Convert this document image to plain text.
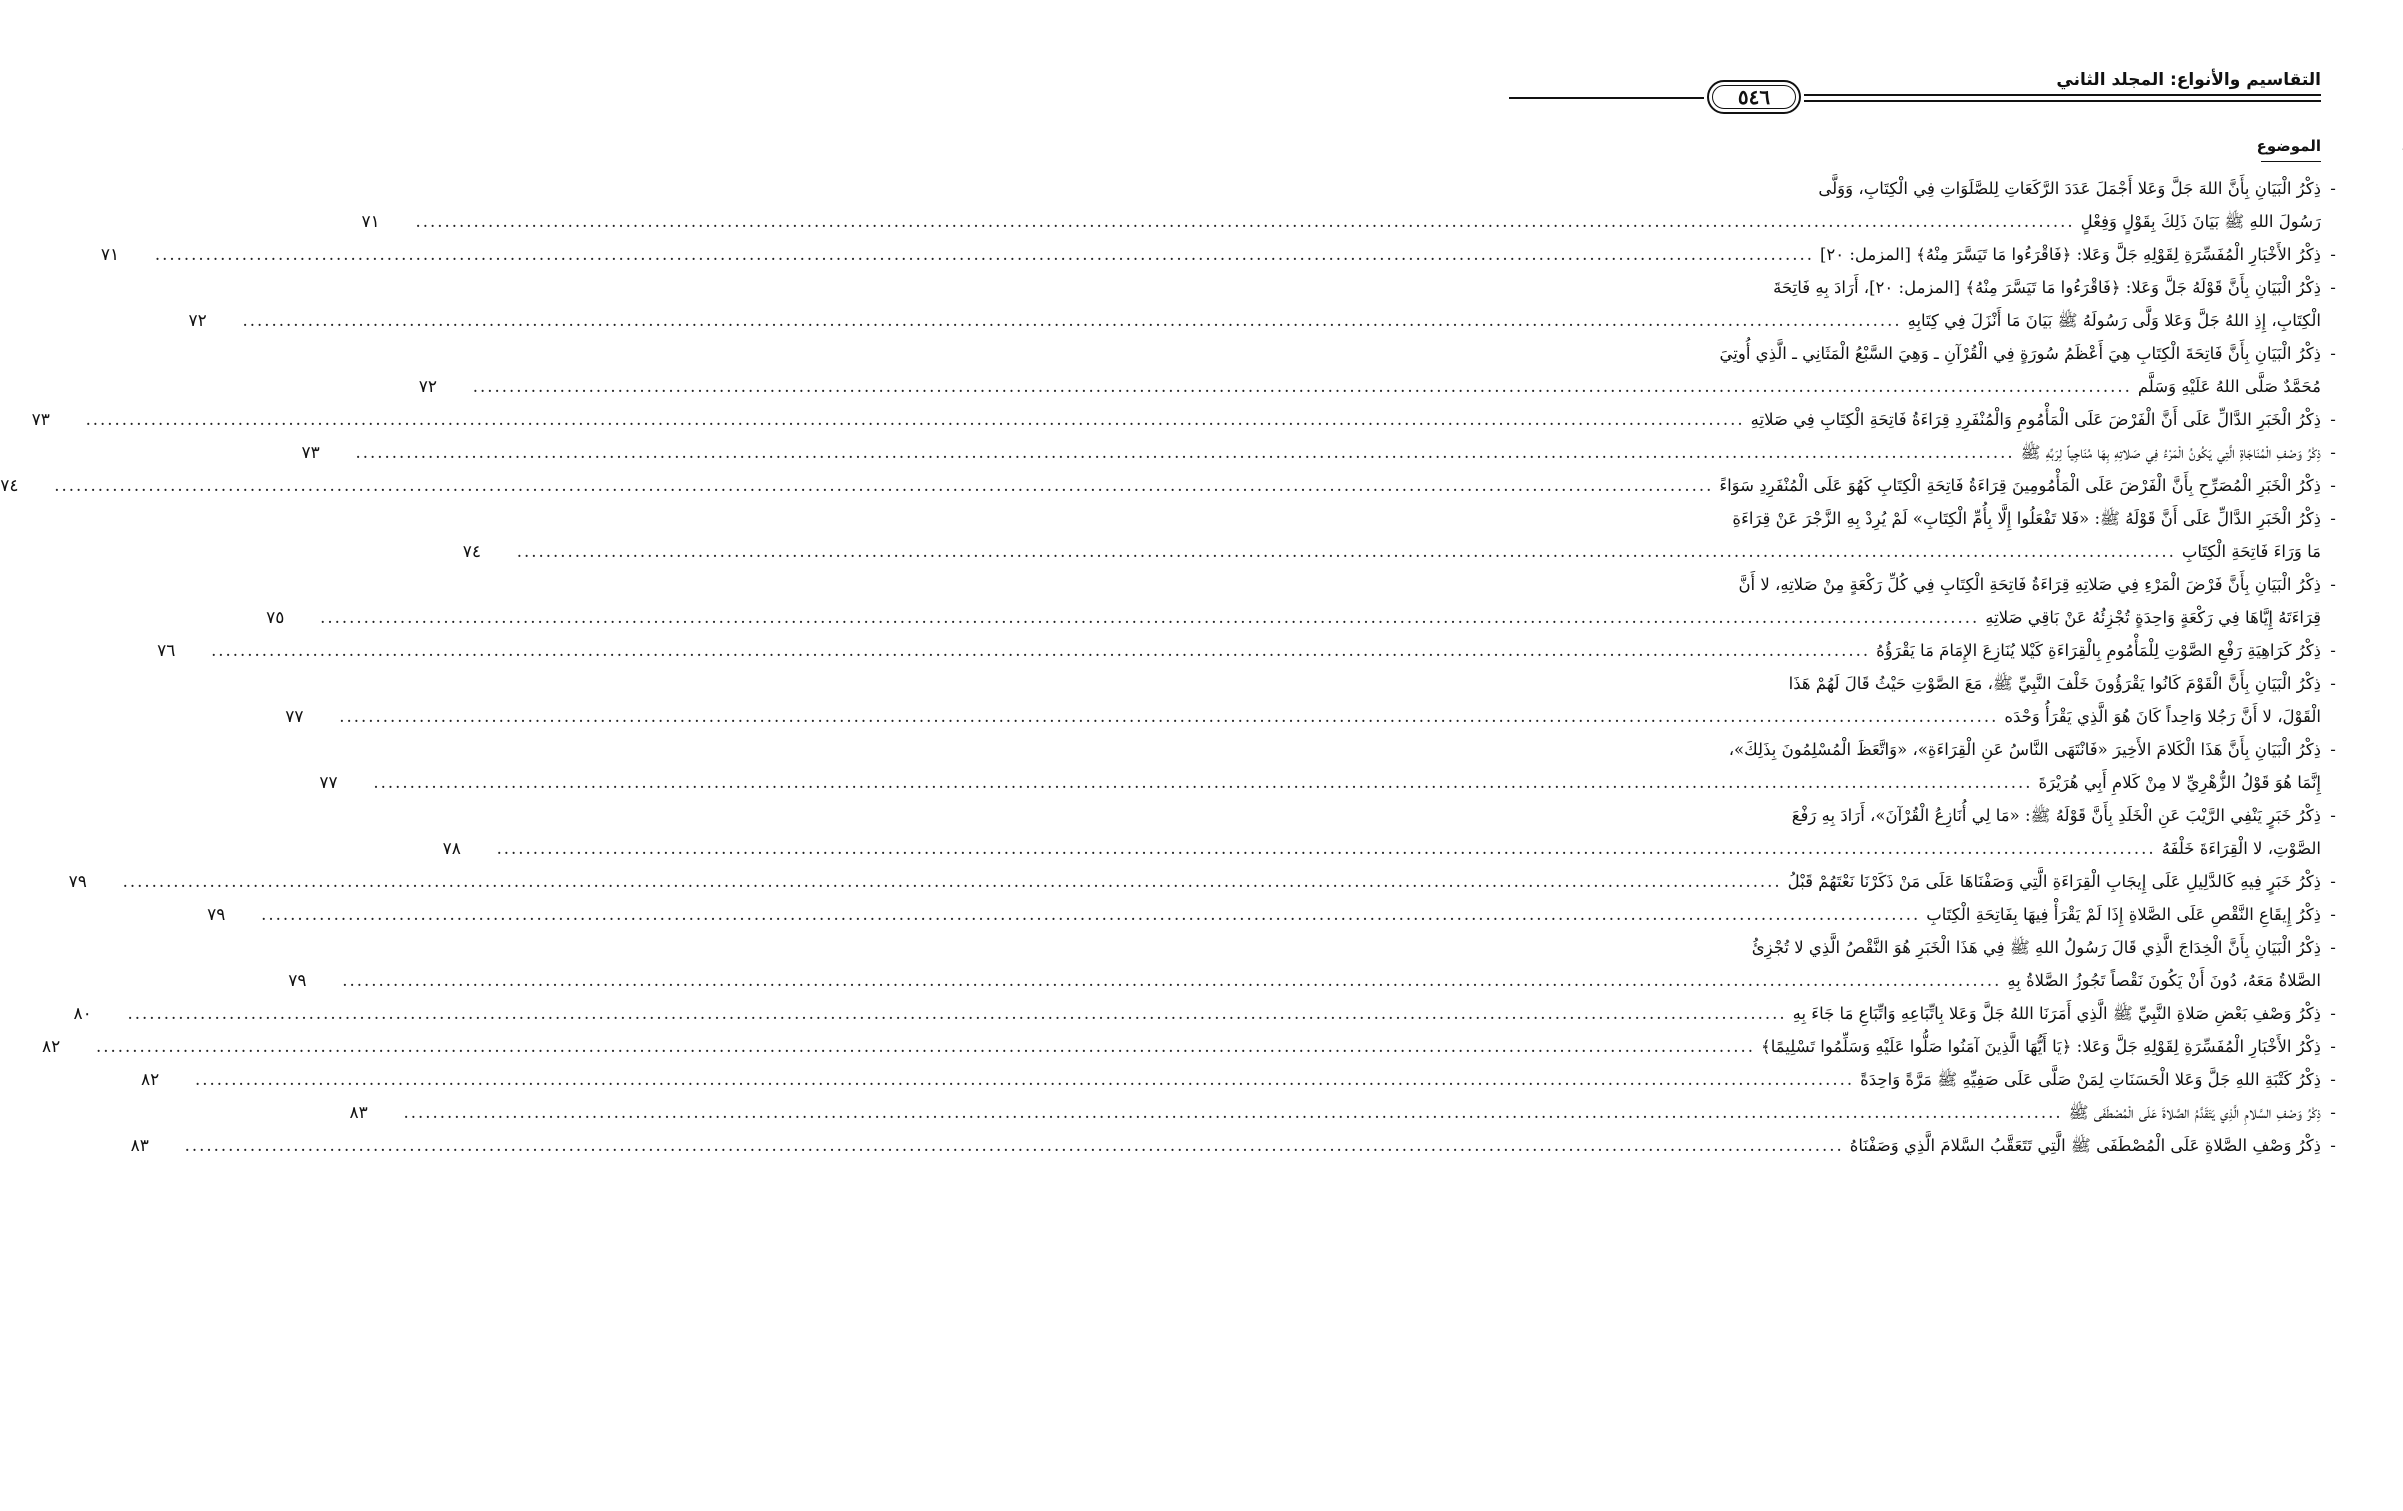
التقاسيم والأنواع: المجلد الثاني
٥٤٦
الموضوع
-
ذِكْرُ الْبَيَانِ بِأَنَّ اللهَ جَلَّ وَعَلا أَجْمَلَ عَدَدَ الرَّكَعَاتِ لِلصَّلَوَاتِ فِي الْكِتَابِ، وَوَلَّى
رَسُولَ اللهِ ﷺ بَيَانَ ذَلِكَ بِقَوْلٍ وَفِعْلٍ
.....
٧١
-
ذِكْرُ الأَخْبَارِ الْمُفَسِّرَةِ لِقَوْلِهِ جَلَّ وَعَلا: ﴿فَاقْرَءُوا مَا تَيَسَّرَ مِنْهُ﴾ [المزمل: ٢٠]
.....
٧١
-
ذِكْرُ الْبَيَانِ بِأَنَّ قَوْلَهُ جَلَّ وَعَلا: ﴿فَاقْرَءُوا مَا تَيَسَّرَ مِنْهُ﴾ [المزمل: ٢٠]، أَرَادَ بِهِ فَاتِحَةَ
الْكِتَابِ، إِذِ اللهُ جَلَّ وَعَلا وَلَّى رَسُولَهُ ﷺ بَيَانَ مَا أَنْزَلَ فِي كِتَابِهِ
.....
٧٢
-
ذِكْرُ الْبَيَانِ بِأَنَّ فَاتِحَةَ الْكِتَابِ هِيَ أَعْظَمُ سُورَةٍ فِي الْقُرْآنِ ـ وَهِيَ السَّبْعُ الْمَثَانِي ـ الَّذِي أُوتِيَ
مُحَمَّدٌ صَلَّى اللهُ عَلَيْهِ وَسَلَّم
.....
٧٢
-
ذِكْرُ الْخَبَرِ الدَّالِّ عَلَى أَنَّ الْفَرْضَ عَلَى الْمَأْمُومِ وَالْمُنْفَرِدِ قِرَاءَةُ فَاتِحَةِ الْكِتَابِ فِي صَلاتِهِ
.....
٧٣
-
ذِكْرُ وَصْفِ الْمُنَاجَاةِ الَّتِي يَكُونُ الْمَرْءُ فِي صَلاتِهِ بِهَا مُنَاجِياً لِرَبِّهِ ﷺ
.....
٧٣
-
ذِكْرُ الْخَبَرِ الْمُصَرِّحِ بِأَنَّ الْفَرْضَ عَلَى الْمَأْمُومِينَ قِرَاءَةُ فَاتِحَةِ الْكِتَابِ كَهُوَ عَلَى الْمُنْفَرِدِ سَوَاءً
.....
٧٤
-
ذِكْرُ الْخَبَرِ الدَّالِّ عَلَى أَنَّ قَوْلَهُ ﷺ: «فَلا تَفْعَلُوا إِلَّا بِأُمِّ الْكِتَابِ» لَمْ يُرِدْ بِهِ الزَّجْرَ عَنْ قِرَاءَةِ
مَا وَرَاءَ فَاتِحَةِ الْكِتَابِ
.....
٧٤
-
ذِكْرُ الْبَيَانِ بِأَنَّ فَرْضَ الْمَرْءِ فِي صَلاتِهِ قِرَاءَةُ فَاتِحَةِ الْكِتَابِ فِي كُلِّ رَكْعَةٍ مِنْ صَلاتِهِ، لا أَنَّ
قِرَاءَتَهُ إِيَّاهَا فِي رَكْعَةٍ وَاحِدَةٍ تُجْزِئُهُ عَنْ بَاقِي صَلاتِهِ
.....
٧٥
-
ذِكْرُ كَرَاهِيَةِ رَفْعِ الصَّوْتِ لِلْمَأْمُومِ بِالْقِرَاءَةِ كَيْلا يُنَازِعَ الإِمَامَ مَا يَقْرَؤُهُ
.....
٧٦
-
ذِكْرُ الْبَيَانِ بِأَنَّ الْقَوْمَ كَانُوا يَقْرَؤُونَ خَلْفَ النَّبِيِّ ﷺ، مَعَ الصَّوْتِ حَيْثُ قَالَ لَهُمْ هَذَا
الْقَوْلَ، لا أَنَّ رَجُلا وَاحِداً كَانَ هُوَ الَّذِي يَقْرَأُ وَحْدَه
.....
٧٧
-
ذِكْرُ الْبَيَانِ بِأَنَّ هَذَا الْكَلامَ الأَخِيرَ «فَانْتَهَى النَّاسُ عَنِ الْقِرَاءَةِ»، «وَاتَّعَظَ الْمُسْلِمُونَ بِذَلِكَ»،
إِنَّمَا هُوَ قَوْلُ الزُّهْرِيِّ لا مِنْ كَلامِ أَبِي هُرَيْرَةَ
.....
٧٧
-
ذِكْرُ خَبَرٍ يَنْفِي الرَّيْبَ عَنِ الْخَلَدِ بِأَنَّ قَوْلَهُ ﷺ: «مَا لِي أُنَازِعُ الْقُرْآنَ»، أَرَادَ بِهِ رَفْعَ
الصَّوْتِ، لا الْقِرَاءَةَ خَلْفَهُ
.....
٧٨
-
ذِكْرُ خَبَرٍ فِيهِ كَالدَّلِيلِ عَلَى إِيجَابِ الْقِرَاءَةِ الَّتِي وَصَفْنَاهَا عَلَى مَنْ ذَكَرْنَا نَعْتَهُمْ قَبْلُ
.....
٧٩
-
ذِكْرُ إِيقَاعِ النَّقْصِ عَلَى الصَّلاةِ إِذَا لَمْ يَقْرَأْ فِيهَا بِفَاتِحَةِ الْكِتَابِ
.....
٧٩
-
ذِكْرُ الْبَيَانِ بِأَنَّ الْخِدَاجَ الَّذِي قَالَ رَسُولُ اللهِ ﷺ فِي هَذَا الْخَبَرِ هُوَ النَّقْصُ الَّذِي لا تُجْزِئُ
الصَّلاةُ مَعَهُ، دُونَ أَنْ يَكُونَ نَقْصاً تَجُوزُ الصَّلاةُ بِهِ
.....
٧٩
-
ذِكْرُ وَصْفِ بَعْضِ صَلاةِ النَّبِيِّ ﷺ الَّذِي أَمَرَنَا اللهُ جَلَّ وَعَلا بِاتِّبَاعِهِ وَاتِّبَاعِ مَا جَاءَ بِهِ
.....
٨٠
-
ذِكْرُ الأَخْبَارِ الْمُفَسِّرَةِ لِقَوْلِهِ جَلَّ وَعَلا: ﴿يَا أَيُّهَا الَّذِينَ آمَنُوا صَلُّوا عَلَيْهِ وَسَلِّمُوا تَسْلِيمًا﴾
.....
٨٢
-
ذِكْرُ كَتْبَةِ اللهِ جَلَّ وَعَلا الْحَسَنَاتِ لِمَنْ صَلَّى عَلَى صَفِيِّهِ ﷺ مَرَّةً وَاحِدَةً
.....
٨٢
-
ذِكْرُ وَصْفِ السَّلامِ الَّذِي يَتَقَدَّمُ الصَّلاةَ عَلَى الْمُصْطَفَى ﷺ
.....
٨٣
-
ذِكْرُ وَصْفِ الصَّلاةِ عَلَى الْمُصْطَفَى ﷺ الَّتِي تَتَعَقَّبُ السَّلامَ الَّذِي وَصَفْنَاهُ
.....
٨٣
